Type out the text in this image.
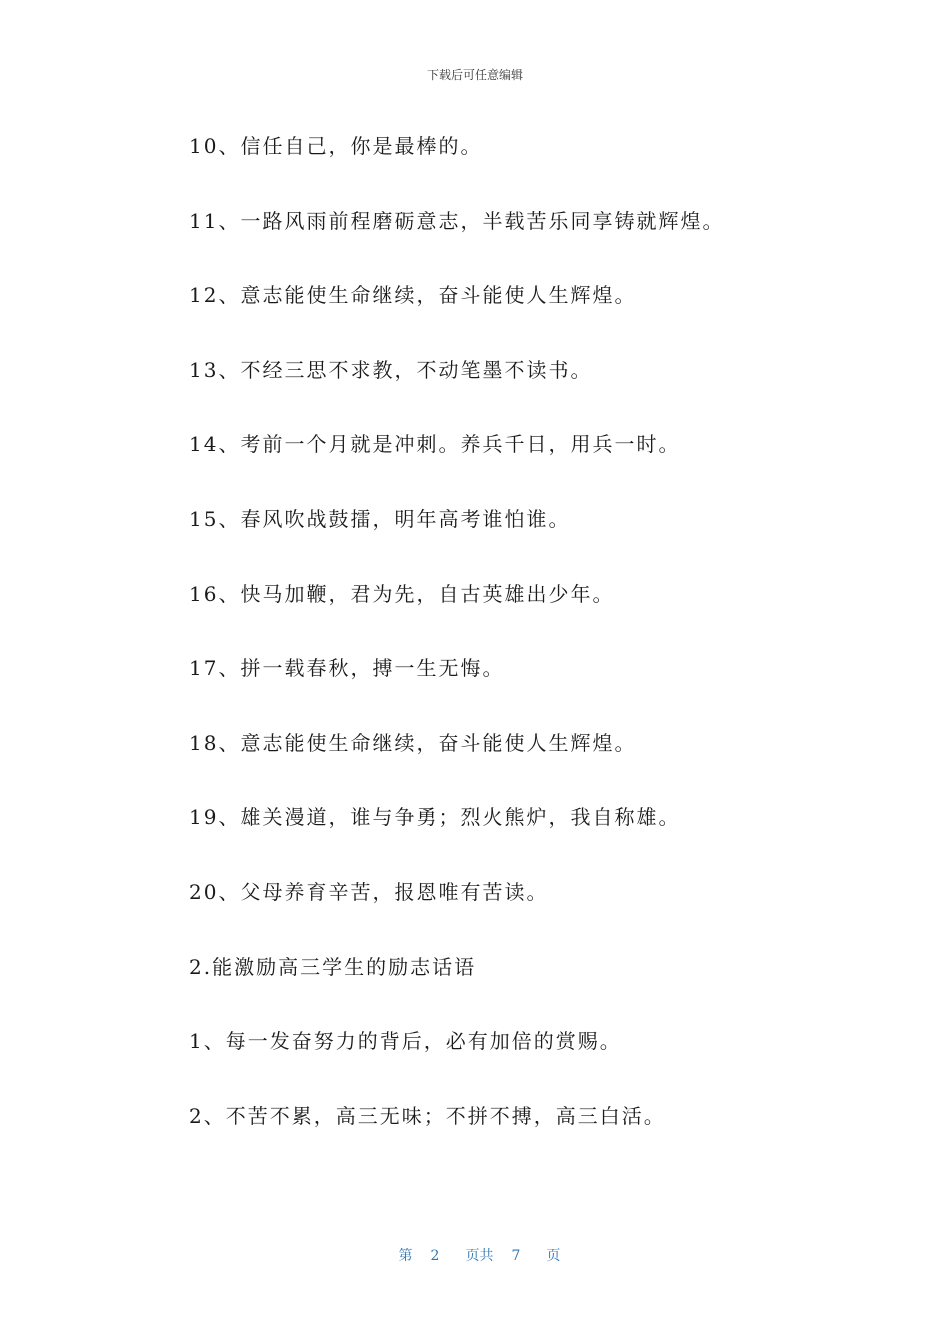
下载后可任意编辑
10、信任自己，你是最棒的。
11、一路风雨前程磨砺意志，半载苦乐同享铸就辉煌。
12、意志能使生命继续，奋斗能使人生辉煌。
13、不经三思不求教，不动笔墨不读书。
14、考前一个月就是冲刺。养兵千日，用兵一时。
15、春风吹战鼓擂，明年高考谁怕谁。
16、快马加鞭，君为先，自古英雄出少年。
17、拼一载春秋，搏一生无悔。
18、意志能使生命继续，奋斗能使人生辉煌。
19、雄关漫道，谁与争勇；烈火熊炉，我自称雄。
20、父母养育辛苦，报恩唯有苦读。
2.能激励高三学生的励志话语
1、每一发奋努力的背后，必有加倍的赏赐。
2、不苦不累，高三无味；不拼不搏，高三白活。

第 2 页共 7 页
